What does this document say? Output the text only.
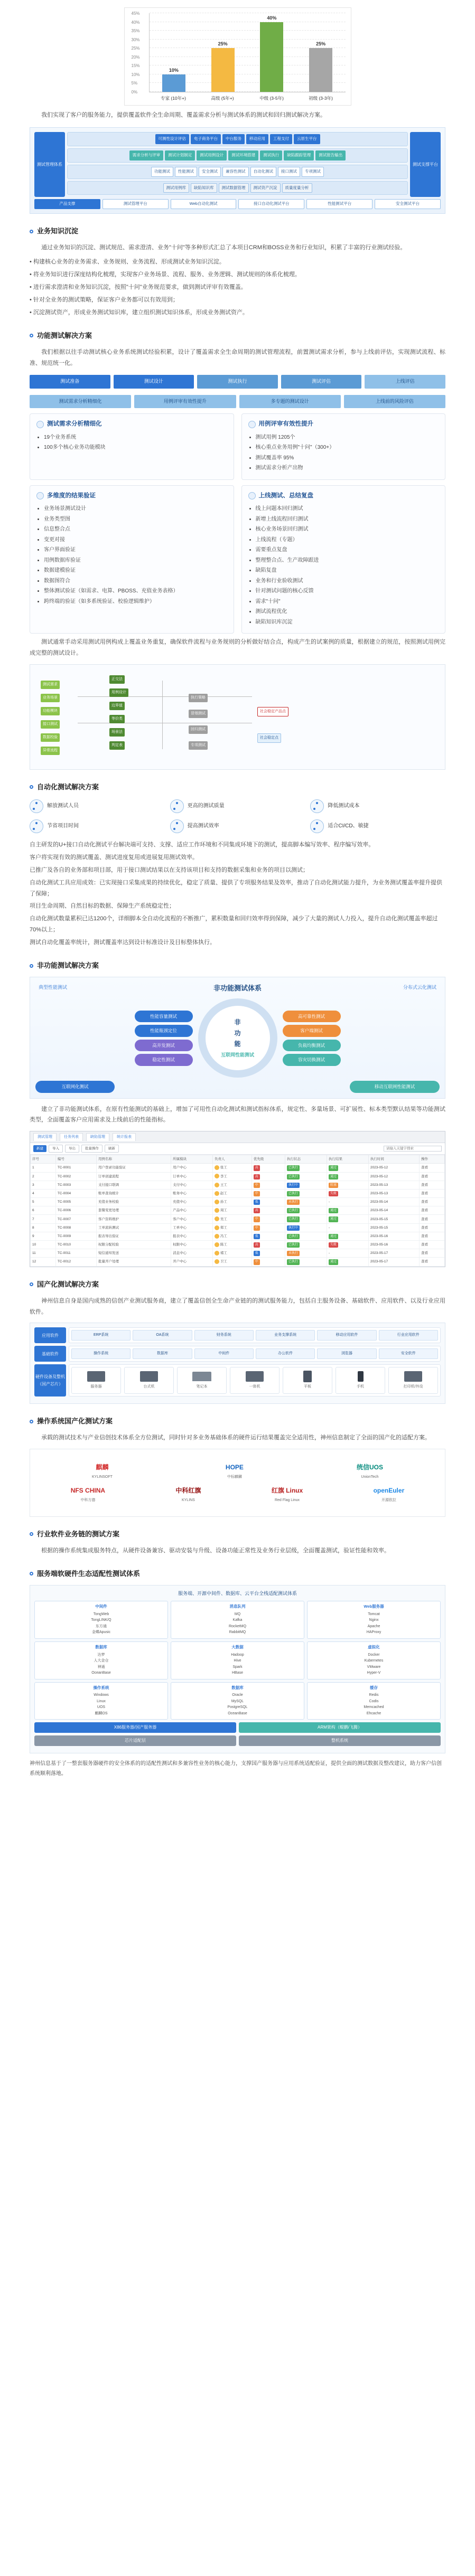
45%
40%
35%
30%
25%
20%
15%
10%
5%
0%
10%
25%
40%
25%
专家 (10年+)	高级 (5年+)	中级 (3-5年)	初级 (3-3年)
我们实现了客户的服务能力，提供覆盖软件全生命周期、覆盖需求分析与测试体系的测试和回归测试解决方案。
测试管理体系
可测性设计评估	电子商务平台	中台服务	移动应用	工程支付	云原生平台
需求分析与评审	测试计划制定	测试用例设计	测试环境搭建	测试执行	缺陷跟踪管理	测试报告输出
功能测试	性能测试	安全测试	兼容性测试	自动化测试	接口测试	专项测试
测试用例库	缺陷知识库	测试数据管理	测试资产沉淀	质量度量分析
测试支撑平台
产品支撑	测试管理平台	Web自动化测试	接口自动化测试平台	性能测试平台	安全测试平台
业务知识沉淀
通过业务知识的沉淀、测试规范、需求澄清、业务"十问"等多种形式汇总了本项目CRM和BOSS业务和行业知识，积累了丰富的行业测试经验。
• 构建核心业务的业务需求、业务规则、业务流程、形成测试业务知识沉淀。
• 将业务知识进行深度结构化梳理，实现客户业务场景、流程、服务、业务逻辑、测试规则的体系化梳理。
• 进行需求澄清和业务知识沉淀，按照"十问"业务规范要求，做到测试评审有效覆盖。
• 针对全业务的测试策略，保证客户业务都可以有效用到；
• 沉淀测试资产，形成业务测试知识库，建立组织测试知识体系，形成业务测试资产。
功能测试解决方案
我们根据以往手动测试核心业务系统测试经验积累，设计了覆盖需求全生命周期的测试管理流程，前置测试需求分析，参与上线前评估，实现测试流程、标准、规范统一化。
测试准备	测试设计	测试执行	测试评估	上线评估
测试需求分析精细化	用例评审有效性提升	多专题的测试设计	上线前的风险评估
测试需求分析精细化
• 19个业务系统
• 100多个核心业务功能模块
用例评审有效性提升
• 测试用例 1205个
• 核心重点业务用例"十问"（300+）
• 测试覆盖率 95%
• 测试需求分析产出物
多维度的结果验证
• 业务场景测试设计
• 业务类型图
• 信息整合点
• 变更对接
• 客户界面验证
• 用例数据库验证
• 数据建模验证
• 数据图符合
• 整体测试验证（如需求、电算、PBOSS、充值业务表格）
• 跨终端的验证（如多系统验证、校验逻辑维护）
上线测试、总结复盘
• 线上问题本回归测试
• 新增上线流程回归测试
• 核心业务场景回归测试
• 上线流程（专题）
• 需要重点复盘
• 整理整合点、生产故障跟进
• 缺陷复盘
• 业务和行业验收测试
• 针对测试问题的核心反馈
• 需求"十问"
• 测试流程优化
• 缺陷知识库沉淀
测试通常手动采用测试用例构成上覆盖业务重复，确保软件流程与业务规则的分析做好结合点，构成产生的试案例的质量，根据建立的规范，按照测试用例完成完整的测试设计。
测试需求
业务场景
功能模块
接口测试
数据校验
异常流程
用例设计
边界值
等价类
场景法
判定表
正交法
执行策略
冒烟测试
回归测试
专项测试
社会稳定产品点
社会稳定点
自动化测试解决方案
解放测试人员	更高的测试质量	降低测试成本
节省项目时间	提高测试效率	适合CI/CD、敏捷
自主研发的U+接口自动化测试平台解决端可支持、支撑、适应工作环境和不同集成环境下的测试，提高脚本编写效率、程序编写效率。
客户将实现有效的测试覆盖、测试进度复用或进展复用测试效率。
已推广及各自的业务部和项目部，用于接口测试结果以在支持该项目和支持的数据采集和业务的项目以测试；
自动化测试工具应用成效：已实现接口采集成果的持续优化，稳定了质量、提供了专项服务结果及效率，推动了自动化测试能力提升，为业务测试覆盖率提升提供了保障；
项目生命周期、自然目标的数据、保障生产系统稳定性；
自动化测试数量累积已达1200个，详细脚本全自动化流程的不断推广，累积数量和回归效率得到保障，减少了大量的测试人力投入，提升自动化测试覆盖率超过70%以上；
测试自动化覆盖率统计，测试覆盖率达到设计标准设计及目标整体执行。
非功能测试解决方案
典型性能测试	非功能测试体系	分布式云化测试
性能容量测试
性能瓶颈定位
高并发测试
稳定性测试
非
功
能
互联网性能测试
高可靠性测试
客户端测试
负载均衡测试
容灾切换测试
互联网化测试	移动互联网性能测试
建立了非功能测试体系，在原有性能测试的基础上，增加了可用性自动化测试和测试指标体系，规定性、多量场景、可扩展性、标本类型默认结果等功能测试类型，全面覆盖客户应用需求及上线前后的性能指标。
测试管理	任务列表	缺陷管理	统计报表
新建	导入	导出	批量操作	刷新
请输入关键字搜索
序号	编号	用例名称	所属模块	负责人	优先级	执行状态	执行结果	执行时间	操作
1	TC-0001	用户登录功能验证	用户中心	张工	高	已执行	通过	2023-05-12	查看
2	TC-0002	订单创建流程	订单中心	李工	高	已执行	通过	2023-05-12	查看
3	TC-0003	支付接口联调	支付中心	王工	中	执行中	阻塞	2023-05-13	查看
4	TC-0004	账单查询统计	账务中心	赵工	中	已执行	失败	2023-05-13	查看
5	TC-0005	充值业务校验	充值中心	孙工	低	未执行	-	2023-05-14	查看
6	TC-0006	套餐变更处理	产品中心	周工	高	已执行	通过	2023-05-14	查看
7	TC-0007	客户资料维护	客户中心	吴工	中	已执行	通过	2023-05-15	查看
8	TC-0008	工单流转测试	工单中心	郑工	中	执行中	-	2023-05-15	查看
9	TC-0009	报表导出验证	报表中心	冯工	低	已执行	通过	2023-05-16	查看
10	TC-0010	权限分配校验	权限中心	陈工	高	已执行	失败	2023-05-16	查看
11	TC-0011	短信通知发送	消息中心	褚工	低	未执行	-	2023-05-17	查看
12	TC-0012	批量开户处理	开户中心	卫工	中	已执行	通过	2023-05-17	查看
国产化测试解决方案
神州信息自身是国内成熟的信创产业测试服务商，建立了覆盖信创全生命产业链的的测试服务能力，包括自主服务设备、基础软件、应用软件、以及行业应用软件。
应用软件	ERP系统	OA系统	财务系统	业务支撑系统	移动应用软件	行业应用软件
基础软件	操作系统	数据库	中间件	办公软件	浏览器	安全软件
硬件设备及整机（国产芯片）
服务器	台式机	笔记本	一体机	平板	手机	打印机/外设
操作系统国产化测试方案
承载的测试技术与产业信创技术体系全方位测试，同时针对多业务基础体系的硬件运行结果覆盖完全适用性，神州信息制定了全面的国产化的适配方案。
麒麟
KYLINSOFT
HOPE
中标麒麟
统信UOS
UnionTech
NFS CHINA
中科方德
中科红旗
KYLINS
红旗 Linux
Red Flag Linux
openEuler
开源欧拉
行业软件业务链的测试方案
根据的操作系统集成服务特点，从硬件设备兼容、驱动安装与升级、设备功能正常性及业务行业层级，全面覆盖测试，验证性能和效率。
服务端软硬件生态适配性测试体系
服务端、开源中间件、数据库、云平台全栈适配测试体系
中间件

TongWeb

TongLINK/Q

东方通

金蝶Apusic

消息队列

MQ

Kafka

RocketMQ

RabbitMQ

Web服务器

Tomcat

Nginx

Apache

HAProxy

数据库

达梦

人大金仓

神通

OceanBase

大数据

Hadoop

Hive

Spark

HBase

虚拟化

Docker

Kubernetes

VMware

Hyper-V

操作系统

Windows

Linux

UOS

麒麟OS

数据库

Oracle

MySQL

PostgreSQL

OceanBase

缓存

Redis

Codis

Memcached

Ehcache

X86服务器/国产服务器	ARM架构（鲲鹏/飞腾）
芯片适配层	整机系统
神州信息基于了一整套服务器硬件的安全体系的的适配性测试和多兼容性业务的核心能力，支撑国产服务器与应用系统适配验证，提供全面的测试数据及整改建议，助力客户信创系统顺利落地。
